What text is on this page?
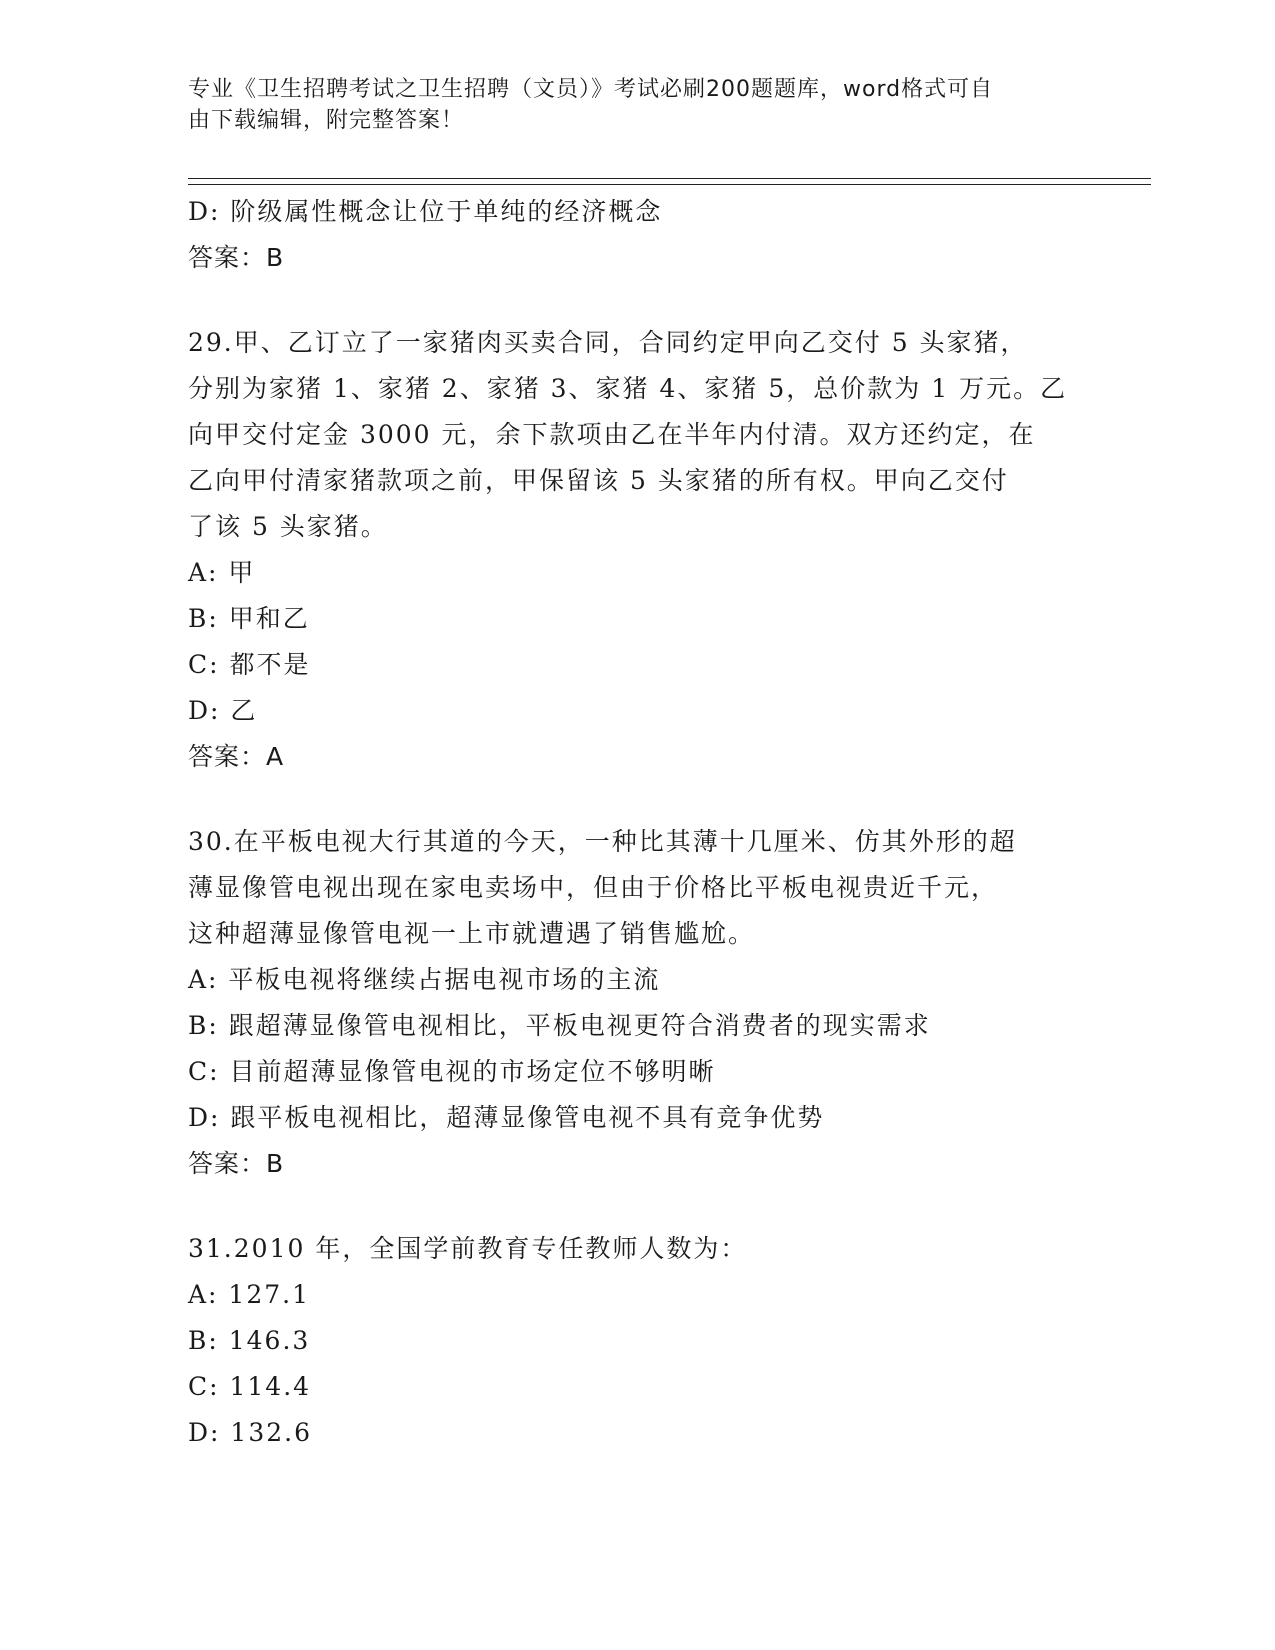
专业《卫生招聘考试之卫生招聘（文员）》考试必刷200题题库，word格式可自
由下载编辑，附完整答案！
D: 阶级属性概念让位于单纯的经济概念
答案：B
29.甲、乙订立了一家猪肉买卖合同，合同约定甲向乙交付 5 头家猪，
分别为家猪 1、家猪 2、家猪 3、家猪 4、家猪 5，总价款为 1 万元。乙
向甲交付定金 3000 元，余下款项由乙在半年内付清。双方还约定，在
乙向甲付清家猪款项之前，甲保留该 5 头家猪的所有权。甲向乙交付
了该 5 头家猪。
A: 甲
B: 甲和乙
C: 都不是
D: 乙
答案：A
30.在平板电视大行其道的今天，一种比其薄十几厘米、仿其外形的超
薄显像管电视出现在家电卖场中，但由于价格比平板电视贵近千元，
这种超薄显像管电视一上市就遭遇了销售尴尬。
A: 平板电视将继续占据电视市场的主流
B: 跟超薄显像管电视相比，平板电视更符合消费者的现实需求
C: 目前超薄显像管电视的市场定位不够明晰
D: 跟平板电视相比，超薄显像管电视不具有竞争优势
答案：B
31.2010 年，全国学前教育专任教师人数为：
A: 127.1
B: 146.3
C: 114.4
D: 132.6
